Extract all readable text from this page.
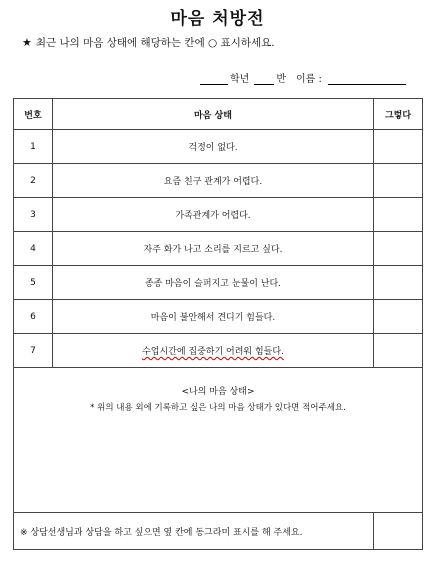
마음 처방전
★ 최근 나의 마음 상태에 해당하는 칸에 ○ 표시하세요.
학년	반 이름 :
번호	마음 상태	그렇다
1	걱정이 없다.	
2	요즘 친구 관계가 어렵다.	
3	가족관계가 어렵다.	
4	자주 화가 나고 소리를 지르고 싶다.	
5	종종 마음이 슬퍼지고 눈물이 난다.	
6	마음이 불안해서 견디기 힘들다.	
7	수업시간에 집중하기 어려워 힘들다.	

<나의 마음 상태>
* 위의 내용 외에 기록하고 싶은 나의 마음 상태가 있다면 적어주세요.		

※ 상담선생님과 상담을 하고 싶으면 옆 칸에 동그라미 표시를 해 주세요.		
